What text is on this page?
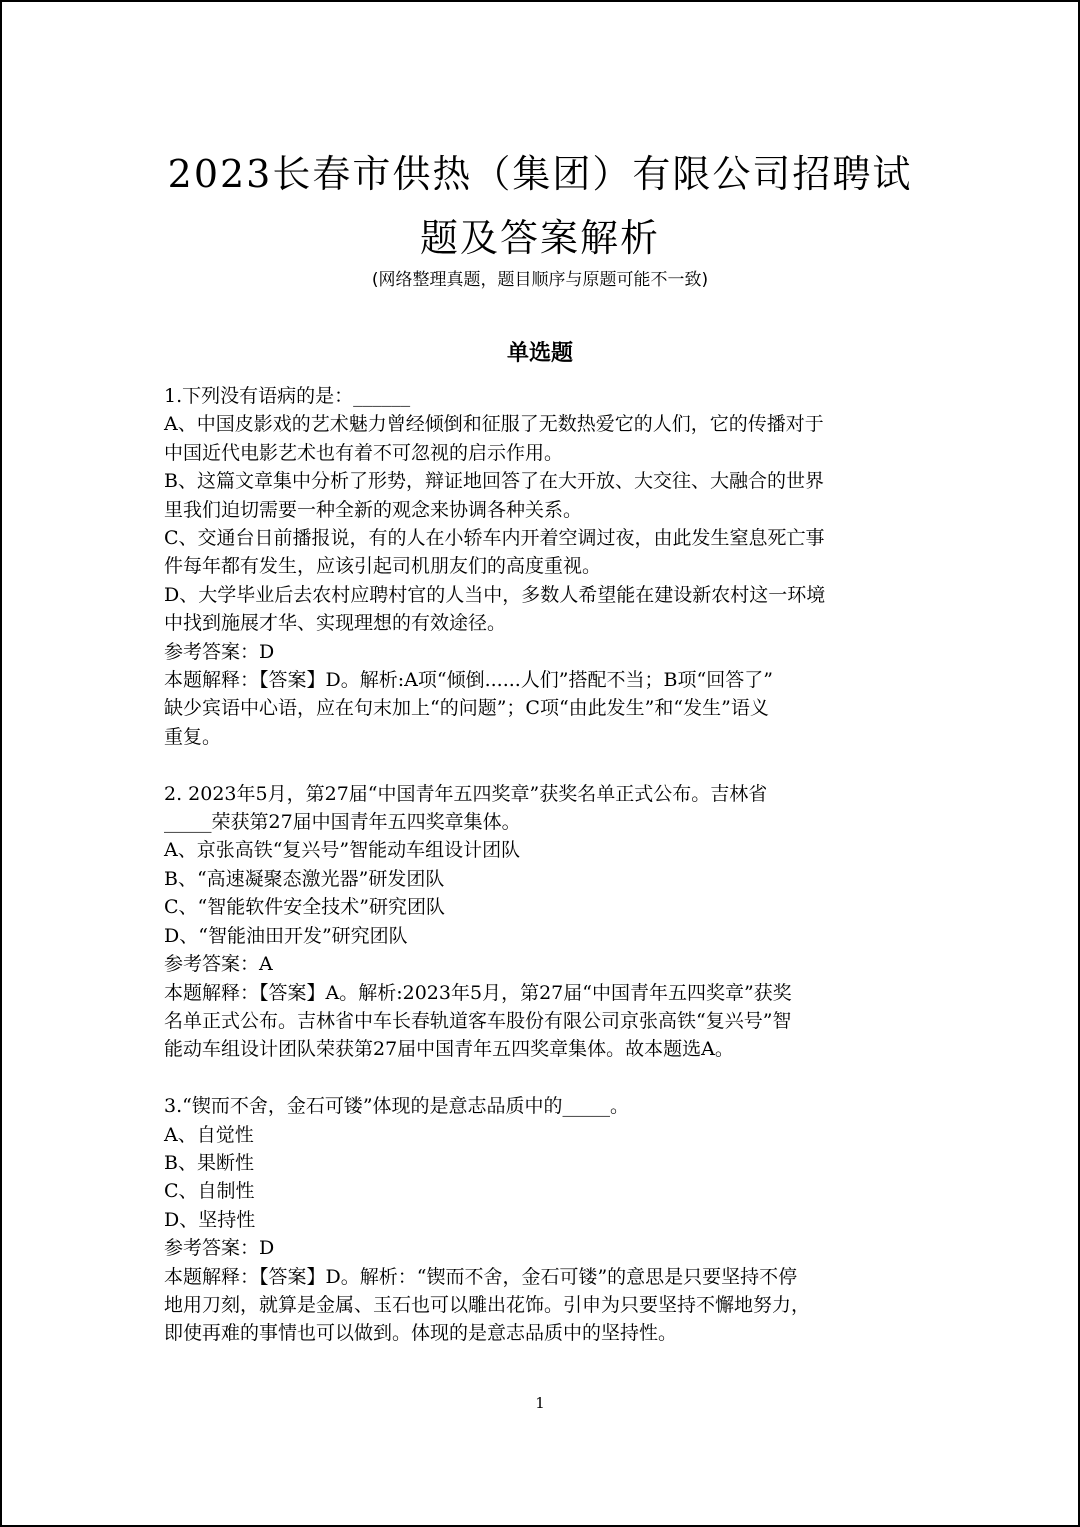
2023长春市供热（集团）有限公司招聘试
题及答案解析
(网络整理真题，题目顺序与原题可能不一致)
单选题
1.下列没有语病的是：______
A、中国皮影戏的艺术魅力曾经倾倒和征服了无数热爱它的人们，它的传播对于
中国近代电影艺术也有着不可忽视的启示作用。
B、这篇文章集中分析了形势，辩证地回答了在大开放、大交往、大融合的世界
里我们迫切需要一种全新的观念来协调各种关系。
C、交通台日前播报说，有的人在小轿车内开着空调过夜，由此发生窒息死亡事
件每年都有发生，应该引起司机朋友们的高度重视。
D、大学毕业后去农村应聘村官的人当中，多数人希望能在建设新农村这一环境
中找到施展才华、实现理想的有效途径。
参考答案：D
本题解释：【答案】D。解析:A项“倾倒......人们”搭配不当；B项“回答了”
缺少宾语中心语，应在句末加上“的问题”；C项“由此发生”和“发生”语义
重复。
2. 2023年5月，第27届“中国青年五四奖章”获奖名单正式公布。吉林省
_____荣获第27届中国青年五四奖章集体。
A、京张高铁“复兴号”智能动车组设计团队
B、“高速凝聚态激光器”研发团队
C、“智能软件安全技术”研究团队
D、“智能油田开发”研究团队
参考答案：A
本题解释：【答案】A。解析:2023年5月，第27届“中国青年五四奖章”获奖
名单正式公布。吉林省中车长春轨道客车股份有限公司京张高铁“复兴号”智
能动车组设计团队荣获第27届中国青年五四奖章集体。故本题选A。
3.“锲而不舍，金石可镂”体现的是意志品质中的_____。
A、自觉性
B、果断性
C、自制性
D、坚持性
参考答案：D
本题解释：【答案】D。解析：“锲而不舍，金石可镂”的意思是只要坚持不停
地用刀刻，就算是金属、玉石也可以雕出花饰。引申为只要坚持不懈地努力，
即使再难的事情也可以做到。体现的是意志品质中的坚持性。
1
